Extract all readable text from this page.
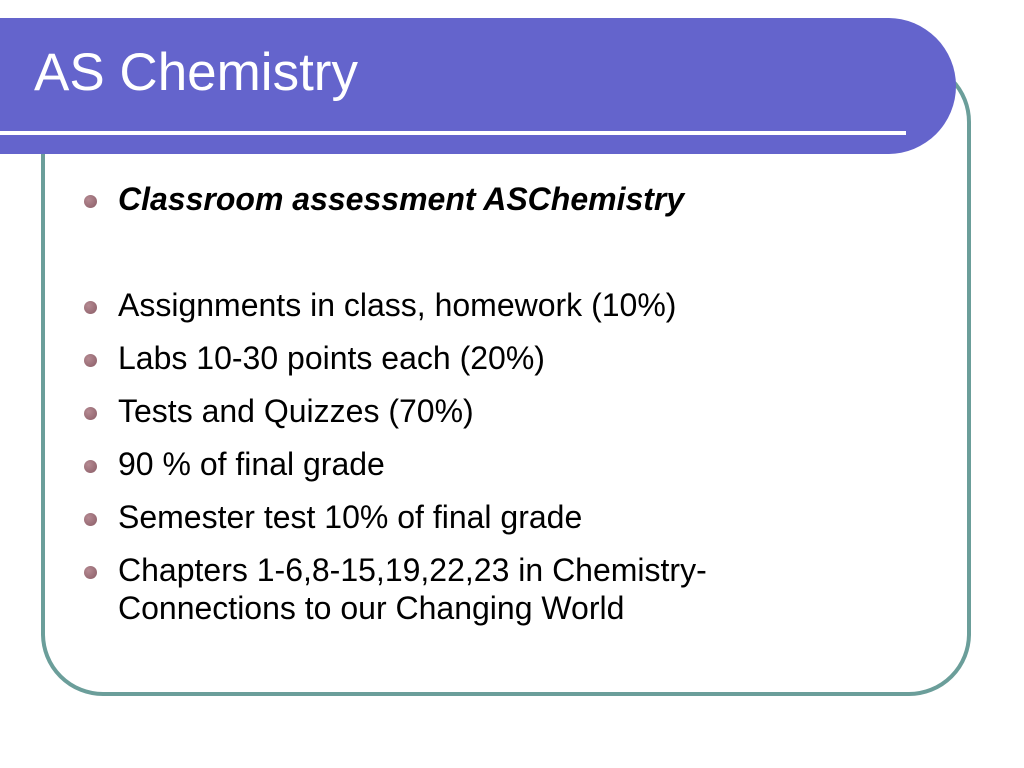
AS Chemistry
Classroom assessment ASChemistry
Assignments in class, homework (10%)
Labs 10-30 points each (20%)
Tests and Quizzes (70%)
90 % of final grade
Semester test 10% of final grade
Chapters 1-6,8-15,19,22,23 in Chemistry-Connections to our Changing World
